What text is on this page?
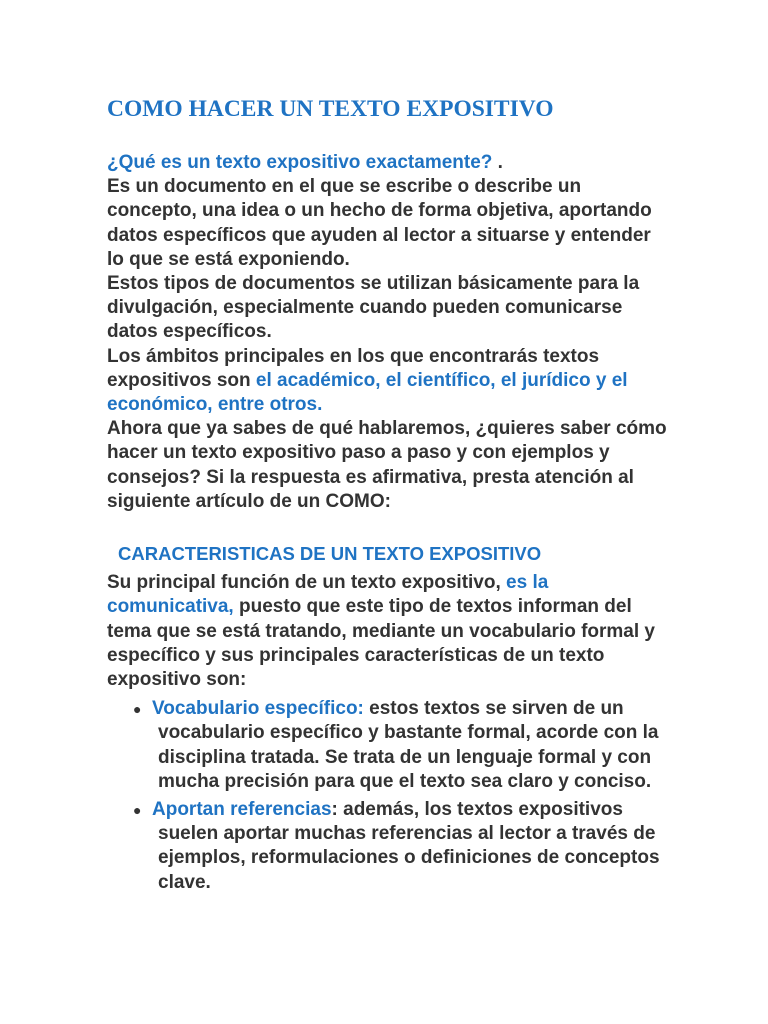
COMO HACER UN TEXTO EXPOSITIVO

¿Qué es un texto expositivo exactamente? .

Es un documento en el que se escribe o describe un concepto, una idea o un hecho de forma objetiva, aportando datos específicos que ayuden al lector a situarse y entender lo que se está exponiendo.

Estos tipos de documentos se utilizan básicamente para la divulgación, especialmente cuando pueden comunicarse datos específicos.

Los ámbitos principales en los que encontrarás textos expositivos son el académico, el científico, el jurídico y el económico, entre otros.

Ahora que ya sabes de qué hablaremos, ¿quieres saber cómo hacer un texto expositivo paso a paso y con ejemplos y consejos? Si la respuesta es afirmativa, presta atención al siguiente artículo de un COMO:

CARACTERISTICAS DE UN TEXTO EXPOSITIVO

Su principal función de un texto expositivo, es la comunicativa, puesto que este tipo de textos informan del tema que se está tratando, mediante un vocabulario formal y específico y sus principales características de un texto expositivo son:

● Vocabulario específico: estos textos se sirven de un vocabulario específico y bastante formal, acorde con la disciplina tratada. Se trata de un lenguaje formal y con mucha precisión para que el texto sea claro y conciso.
● Aportan referencias: además, los textos expositivos suelen aportar muchas referencias al lector a través de ejemplos, reformulaciones o definiciones de conceptos clave.
